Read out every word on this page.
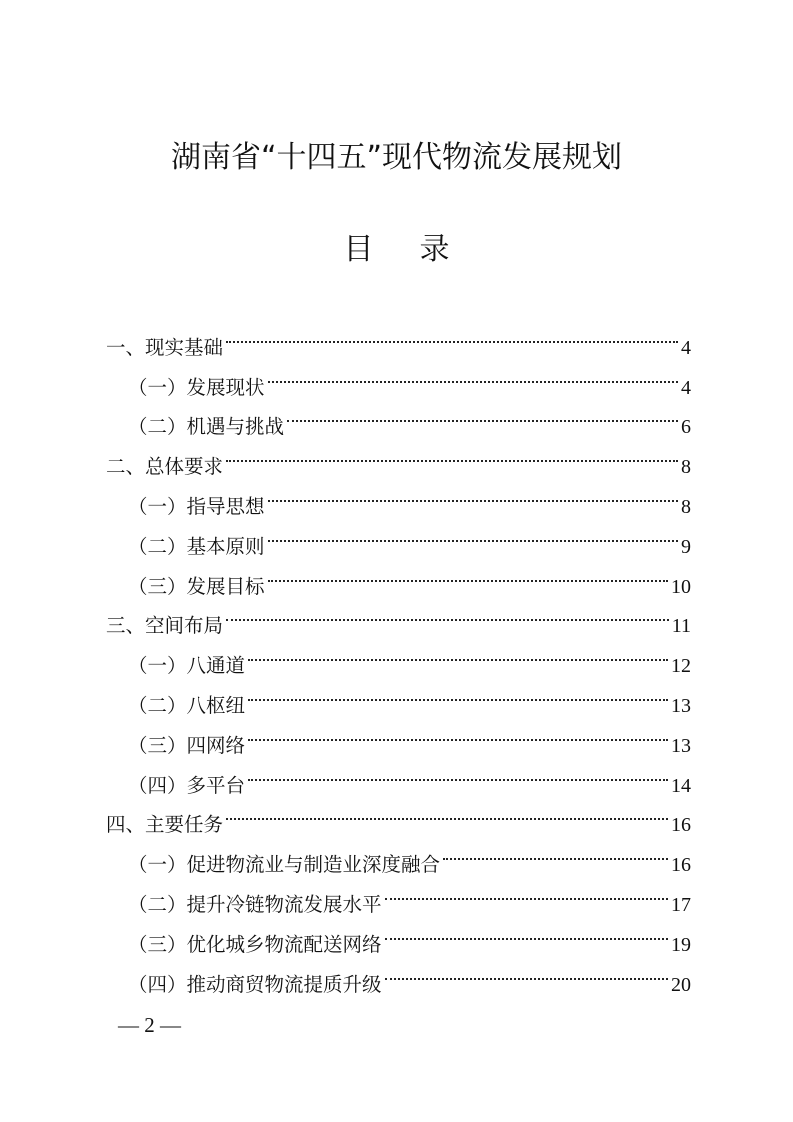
湖南省“十四五”现代物流发展规划
目 录
一、现实基础	4
（一）发展现状	4
（二）机遇与挑战	6
二、总体要求	8
（一）指导思想	8
（二）基本原则	9
（三）发展目标	10
三、空间布局	11
（一）八通道	12
（二）八枢纽	13
（三）四网络	13
（四）多平台	14
四、主要任务	16
（一）促进物流业与制造业深度融合	16
（二）提升冷链物流发展水平	17
（三）优化城乡物流配送网络	19
（四）推动商贸物流提质升级	20
— 2 —
